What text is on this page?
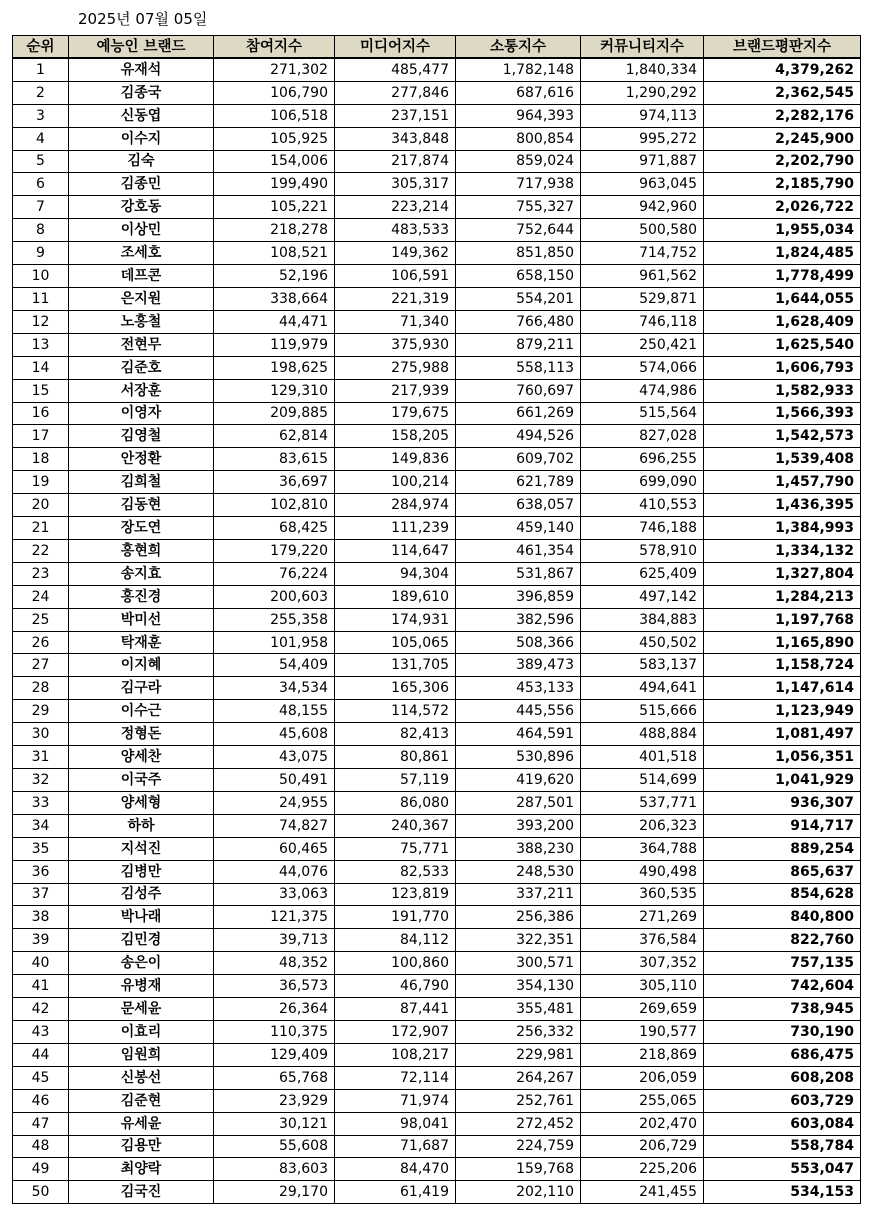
2025년 07월 05일
순위	예능인 브랜드	참여지수	미디어지수	소통지수	커뮤니티지수	브랜드평판지수
1	유재석	271,302	485,477	1,782,148	1,840,334	4,379,262
2	김종국	106,790	277,846	687,616	1,290,292	2,362,545
3	신동엽	106,518	237,151	964,393	974,113	2,282,176
4	이수지	105,925	343,848	800,854	995,272	2,245,900
5	김숙	154,006	217,874	859,024	971,887	2,202,790
6	김종민	199,490	305,317	717,938	963,045	2,185,790
7	강호동	105,221	223,214	755,327	942,960	2,026,722
8	이상민	218,278	483,533	752,644	500,580	1,955,034
9	조세호	108,521	149,362	851,850	714,752	1,824,485
10	데프콘	52,196	106,591	658,150	961,562	1,778,499
11	은지원	338,664	221,319	554,201	529,871	1,644,055
12	노홍철	44,471	71,340	766,480	746,118	1,628,409
13	전현무	119,979	375,930	879,211	250,421	1,625,540
14	김준호	198,625	275,988	558,113	574,066	1,606,793
15	서장훈	129,310	217,939	760,697	474,986	1,582,933
16	이영자	209,885	179,675	661,269	515,564	1,566,393
17	김영철	62,814	158,205	494,526	827,028	1,542,573
18	안정환	83,615	149,836	609,702	696,255	1,539,408
19	김희철	36,697	100,214	621,789	699,090	1,457,790
20	김동현	102,810	284,974	638,057	410,553	1,436,395
21	장도연	68,425	111,239	459,140	746,188	1,384,993
22	홍현희	179,220	114,647	461,354	578,910	1,334,132
23	송지효	76,224	94,304	531,867	625,409	1,327,804
24	홍진경	200,603	189,610	396,859	497,142	1,284,213
25	박미선	255,358	174,931	382,596	384,883	1,197,768
26	탁재훈	101,958	105,065	508,366	450,502	1,165,890
27	이지혜	54,409	131,705	389,473	583,137	1,158,724
28	김구라	34,534	165,306	453,133	494,641	1,147,614
29	이수근	48,155	114,572	445,556	515,666	1,123,949
30	정형돈	45,608	82,413	464,591	488,884	1,081,497
31	양세찬	43,075	80,861	530,896	401,518	1,056,351
32	이국주	50,491	57,119	419,620	514,699	1,041,929
33	양세형	24,955	86,080	287,501	537,771	936,307
34	하하	74,827	240,367	393,200	206,323	914,717
35	지석진	60,465	75,771	388,230	364,788	889,254
36	김병만	44,076	82,533	248,530	490,498	865,637
37	김성주	33,063	123,819	337,211	360,535	854,628
38	박나래	121,375	191,770	256,386	271,269	840,800
39	김민경	39,713	84,112	322,351	376,584	822,760
40	송은이	48,352	100,860	300,571	307,352	757,135
41	유병재	36,573	46,790	354,130	305,110	742,604
42	문세윤	26,364	87,441	355,481	269,659	738,945
43	이효리	110,375	172,907	256,332	190,577	730,190
44	임원희	129,409	108,217	229,981	218,869	686,475
45	신봉선	65,768	72,114	264,267	206,059	608,208
46	김준현	23,929	71,974	252,761	255,065	603,729
47	유세윤	30,121	98,041	272,452	202,470	603,084
48	김용만	55,608	71,687	224,759	206,729	558,784
49	최양락	83,603	84,470	159,768	225,206	553,047
50	김국진	29,170	61,419	202,110	241,455	534,153
